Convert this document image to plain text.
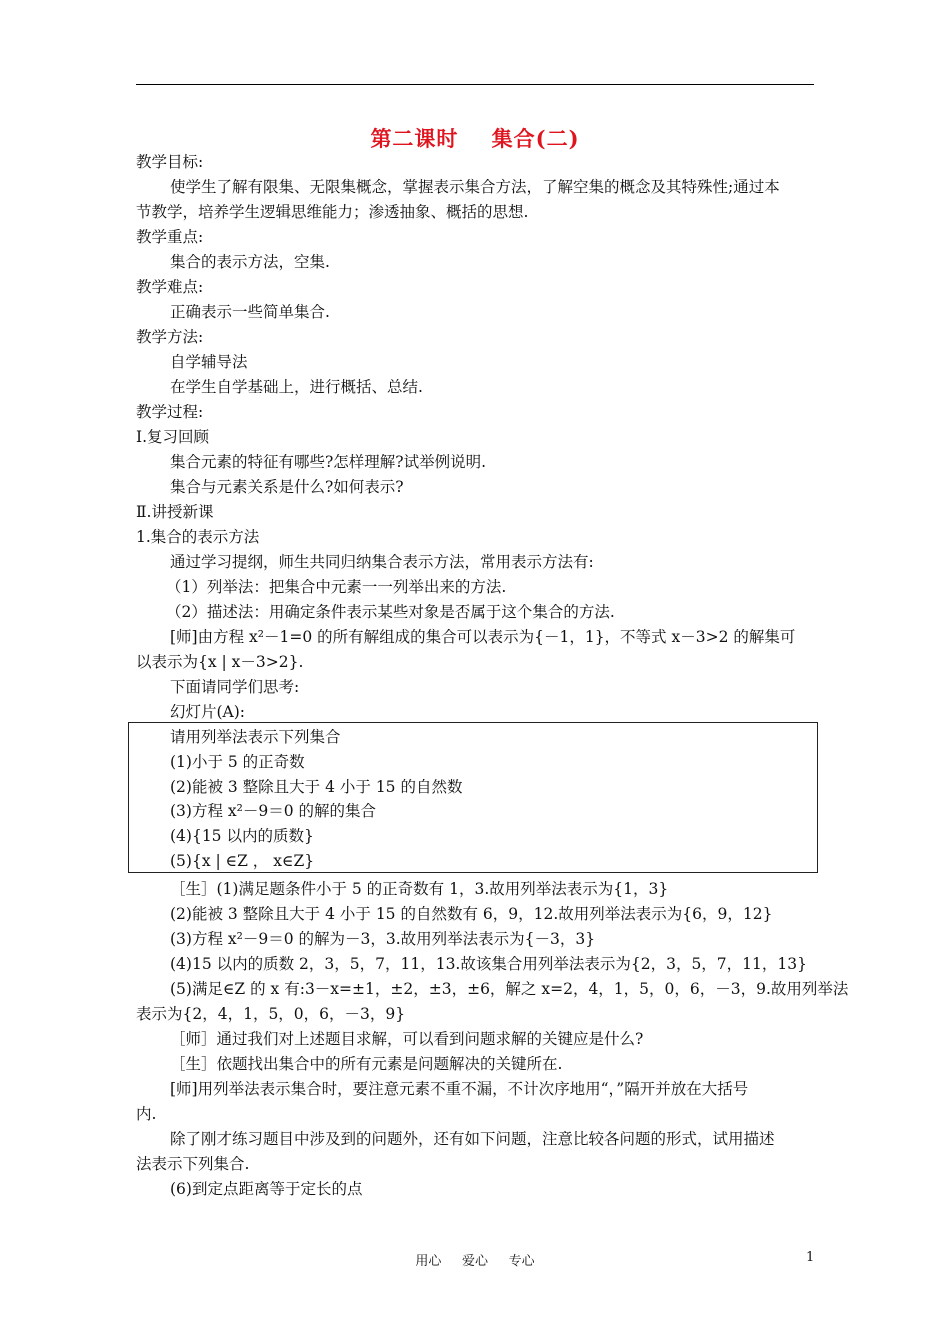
第二课时    集合(二)
教学目标:
使学生了解有限集、无限集概念，掌握表示集合方法，了解空集的概念及其特殊性;通过本
节教学，培养学生逻辑思维能力；渗透抽象、概括的思想.
教学重点:
集合的表示方法，空集.
教学难点:
正确表示一些简单集合.
教学方法:
自学辅导法
在学生自学基础上，进行概括、总结.
教学过程:
Ⅰ.复习回顾
集合元素的特征有哪些?怎样理解?试举例说明.
集合与元素关系是什么?如何表示?
Ⅱ.讲授新课
1.集合的表示方法
通过学习提纲，师生共同归纳集合表示方法，常用表示方法有:
（1）列举法：把集合中元素一一列举出来的方法.
（2）描述法：用确定条件表示某些对象是否属于这个集合的方法.
[师]由方程 x²－1=0 的所有解组成的集合可以表示为{－1，1}，不等式 x－3>2 的解集可
以表示为{x | x－3>2}.
下面请同学们思考:
幻灯片(A):
请用列举法表示下列集合
(1)小于 5 的正奇数
(2)能被 3 整除且大于 4 小于 15 的自然数
(3)方程 x²－9＝0 的解的集合
(4){15 以内的质数}
(5){x | ∈Z ， x∈Z}
［生］(1)满足题条件小于 5 的正奇数有 1，3.故用列举法表示为{1，3}
(2)能被 3 整除且大于 4 小于 15 的自然数有 6，9，12.故用列举法表示为{6，9，12}
(3)方程 x²－9＝0 的解为－3，3.故用列举法表示为{－3，3}
(4)15 以内的质数 2，3，5，7，11，13.故该集合用列举法表示为{2，3，5，7，11，13}
(5)满足∈Z 的 x 有:3－x=±1，±2，±3，±6，解之 x=2，4，1，5，0，6，－3，9.故用列举法
表示为{2，4，1，5，0，6，－3，9}
［师］通过我们对上述题目求解，可以看到问题求解的关键应是什么?
［生］依题找出集合中的所有元素是问题解决的关键所在.
[师]用列举法表示集合时，要注意元素不重不漏，不计次序地用“，”隔开并放在大括号
内.
除了刚才练习题目中涉及到的问题外，还有如下问题，注意比较各问题的形式，试用描述
法表示下列集合.
(6)到定点距离等于定长的点
用心     爱心     专心	1
